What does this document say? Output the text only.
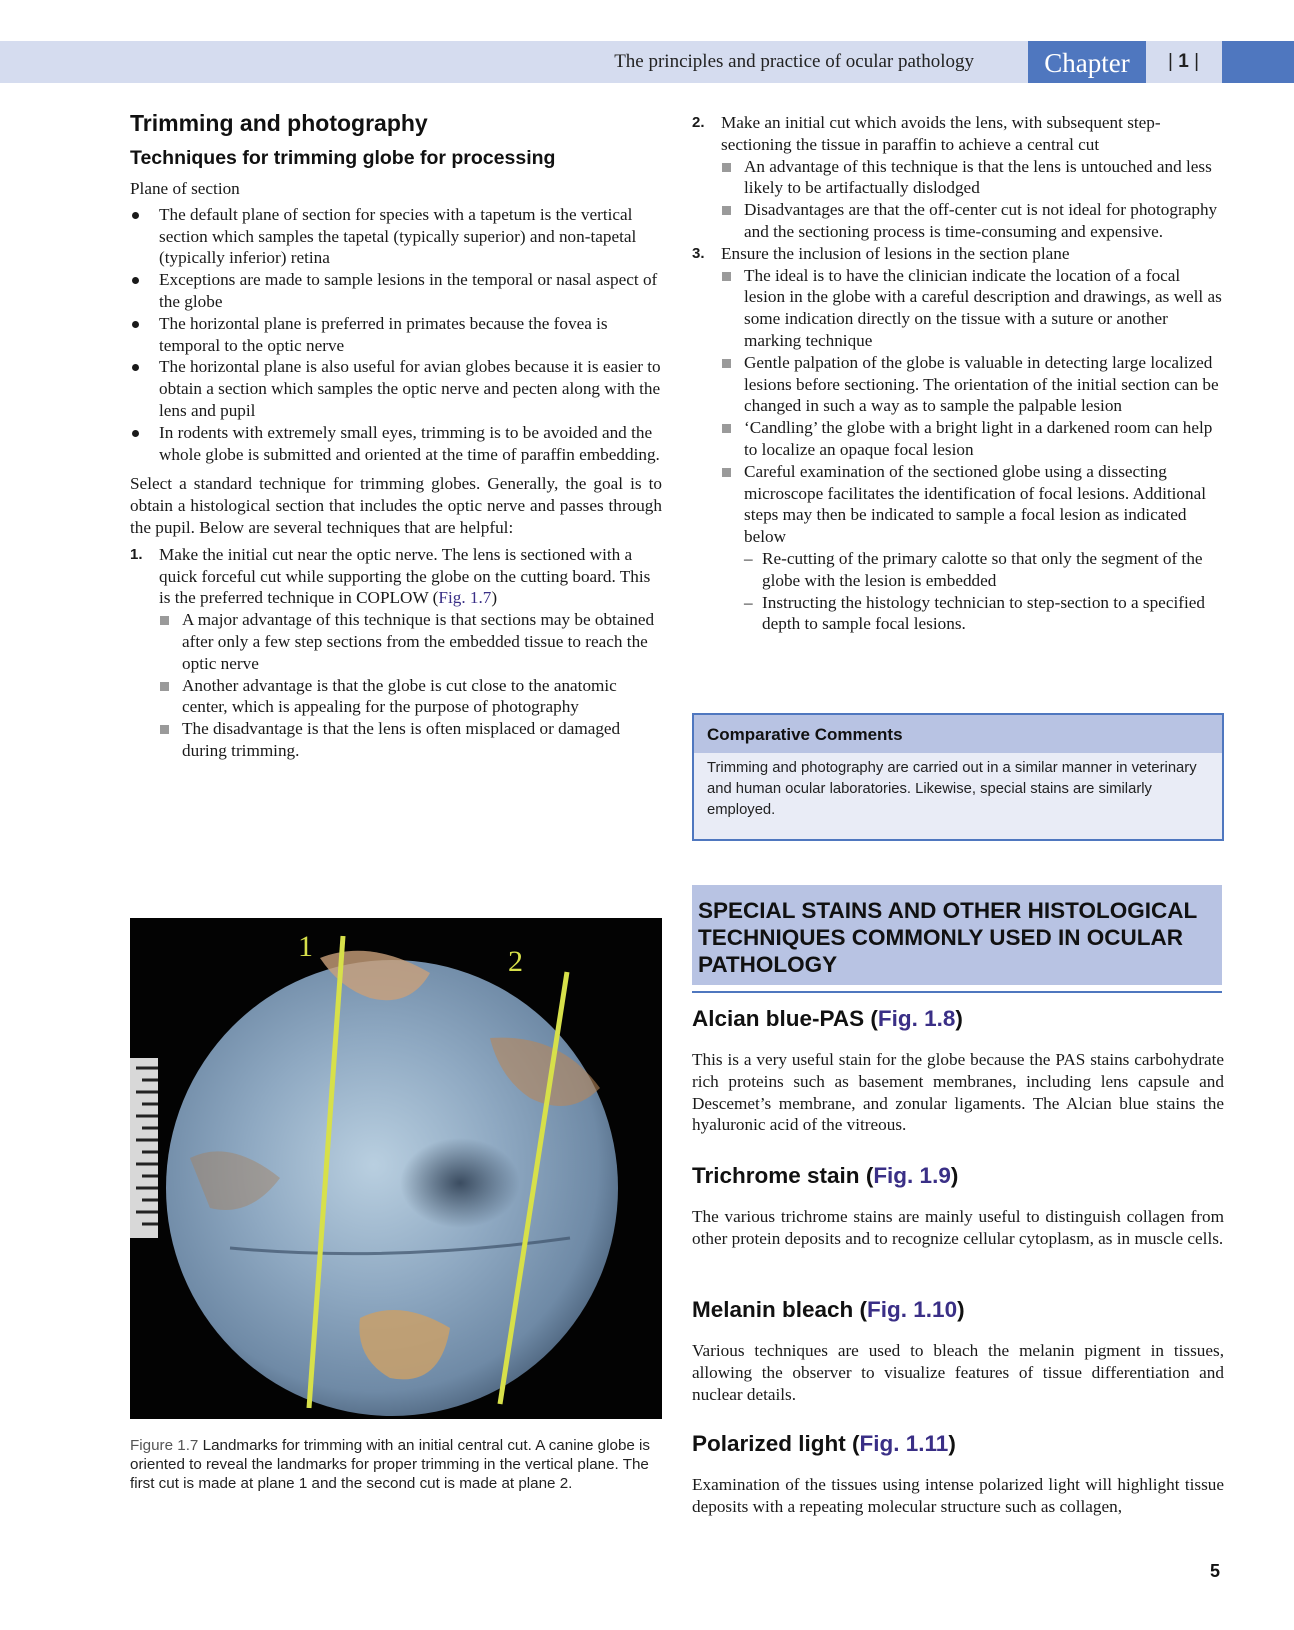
The principles and practice of ocular pathology	Chapter	| 1 |
Trimming and photography
Techniques for trimming globe for processing

Plane of section

The default plane of section for species with a tapetum is the vertical section which samples the tapetal (typically superior) and non-tapetal (typically inferior) retina
Exceptions are made to sample lesions in the temporal or nasal aspect of the globe
The horizontal plane is preferred in primates because the fovea is temporal to the optic nerve
The horizontal plane is also useful for avian globes because it is easier to obtain a section which samples the optic nerve and pecten along with the lens and pupil
In rodents with extremely small eyes, trimming is to be avoided and the whole globe is submitted and oriented at the time of paraffin embedding.

Select a standard technique for trimming globes. Generally, the goal is to obtain a histological section that includes the optic nerve and passes through the pupil. Below are several techniques that are helpful:

1. Make the initial cut near the optic nerve. The lens is sectioned with a quick forceful cut while supporting the globe on the cutting board. This is the preferred technique in COPLOW (Fig. 1.7)
A major advantage of this technique is that sections may be obtained after only a few step sections from the embedded tissue to reach the optic nerve
Another advantage is that the globe is cut close to the anatomic center, which is appealing for the purpose of photography
The disadvantage is that the lens is often misplaced or damaged during trimming.
2. Make an initial cut which avoids the lens, with subsequent step-sectioning the tissue in paraffin to achieve a central cut
An advantage of this technique is that the lens is untouched and less likely to be artifactually dislodged
Disadvantages are that the off-center cut is not ideal for photography and the sectioning process is time-consuming and expensive.
3. Ensure the inclusion of lesions in the section plane
The ideal is to have the clinician indicate the location of a focal lesion in the globe with a careful description and drawings, as well as some indication directly on the tissue with a suture or another marking technique
Gentle palpation of the globe is valuable in detecting large localized lesions before sectioning. The orientation of the initial section can be changed in such a way as to sample the palpable lesion
‘Candling’ the globe with a bright light in a darkened room can help to localize an opaque focal lesion
Careful examination of the sectioned globe using a dissecting microscope facilitates the identification of focal lesions. Additional steps may then be indicated to sample a focal lesion as indicated below
– Re-cutting of the primary calotte so that only the segment of the globe with the lesion is embedded
– Instructing the histology technician to step-section to a specified depth to sample focal lesions.
Comparative Comments
Trimming and photography are carried out in a similar manner in veterinary and human ocular laboratories. Likewise, special stains are similarly employed.
SPECIAL STAINS AND OTHER HISTOLOGICAL TECHNIQUES COMMONLY USED IN OCULAR PATHOLOGY
Alcian blue-PAS (Fig. 1.8)

This is a very useful stain for the globe because the PAS stains carbohydrate rich proteins such as basement membranes, including lens capsule and Descemet’s membrane, and zonular ligaments. The Alcian blue stains the hyaluronic acid of the vitreous.

Trichrome stain (Fig. 1.9)

The various trichrome stains are mainly useful to distinguish collagen from other protein deposits and to recognize cellular cytoplasm, as in muscle cells.

Melanin bleach (Fig. 1.10)

Various techniques are used to bleach the melanin pigment in tissues, allowing the observer to visualize features of tissue differentiation and nuclear details.

Polarized light (Fig. 1.11)

Examination of the tissues using intense polarized light will highlight tissue deposits with a repeating molecular structure such as collagen,

1	2
Figure 1.7 Landmarks for trimming with an initial central cut. A canine globe is oriented to reveal the landmarks for proper trimming in the vertical plane. The first cut is made at plane 1 and the second cut is made at plane 2.
5
